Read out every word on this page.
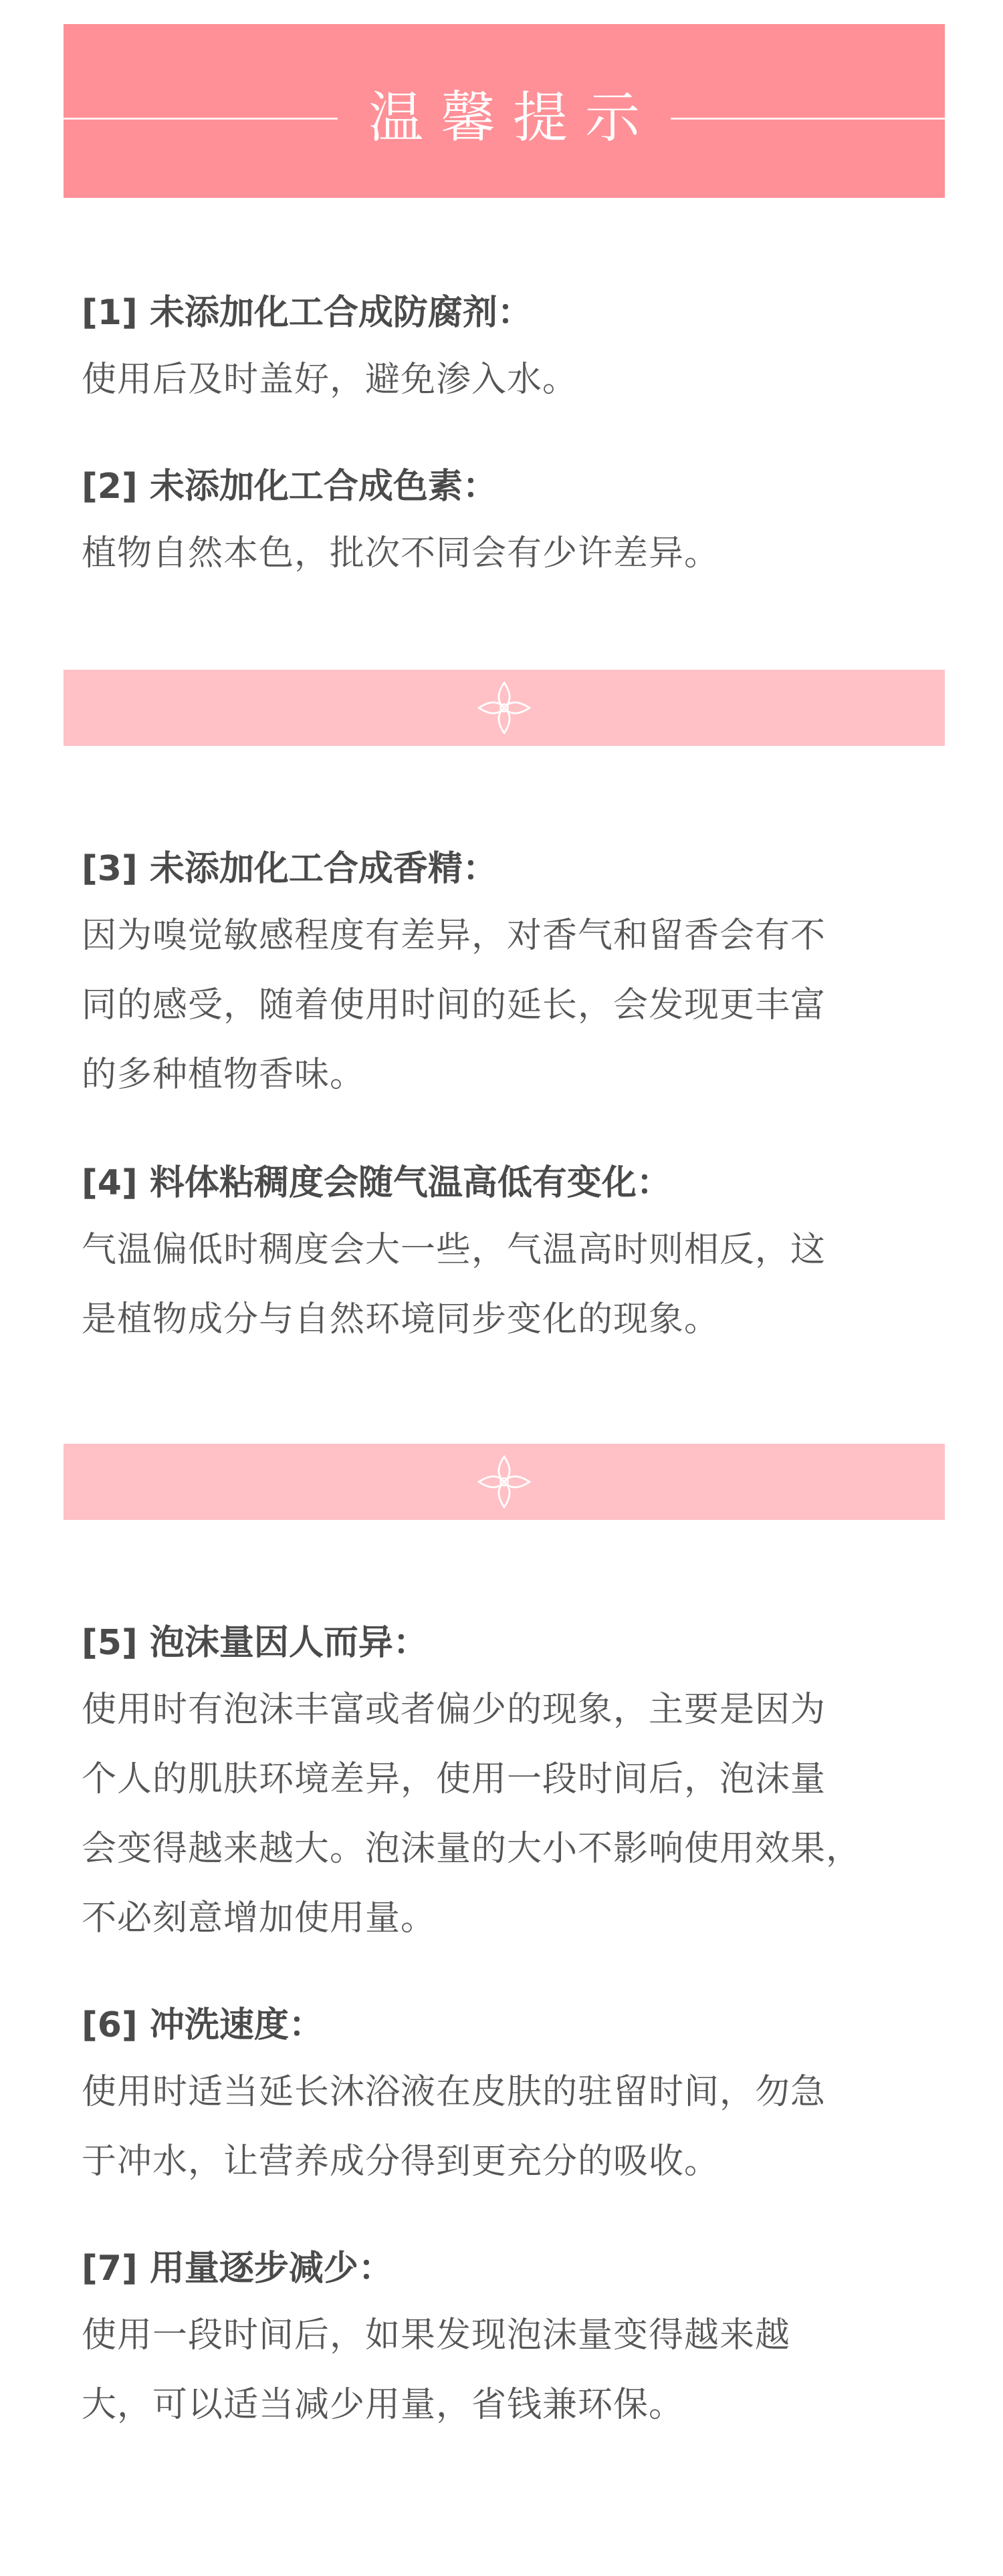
温馨提示

[1] 未添加化工合成防腐剂：

使用后及时盖好，避免渗入水。

[2] 未添加化工合成色素：

植物自然本色，批次不同会有少许差异。

[3] 未添加化工合成香精：

因为嗅觉敏感程度有差异，对香气和留香会有不

同的感受，随着使用时间的延长，会发现更丰富

的多种植物香味。

[4] 料体粘稠度会随气温高低有变化：

气温偏低时稠度会大一些，气温高时则相反，这

是植物成分与自然环境同步变化的现象。

[5] 泡沫量因人而异：

使用时有泡沫丰富或者偏少的现象，主要是因为

个人的肌肤环境差异，使用一段时间后，泡沫量

会变得越来越大。泡沫量的大小不影响使用效果，

不必刻意增加使用量。

[6] 冲洗速度：

使用时适当延长沐浴液在皮肤的驻留时间，勿急

于冲水，让营养成分得到更充分的吸收。

[7] 用量逐步减少：

使用一段时间后，如果发现泡沫量变得越来越

大，可以适当减少用量，省钱兼环保。
